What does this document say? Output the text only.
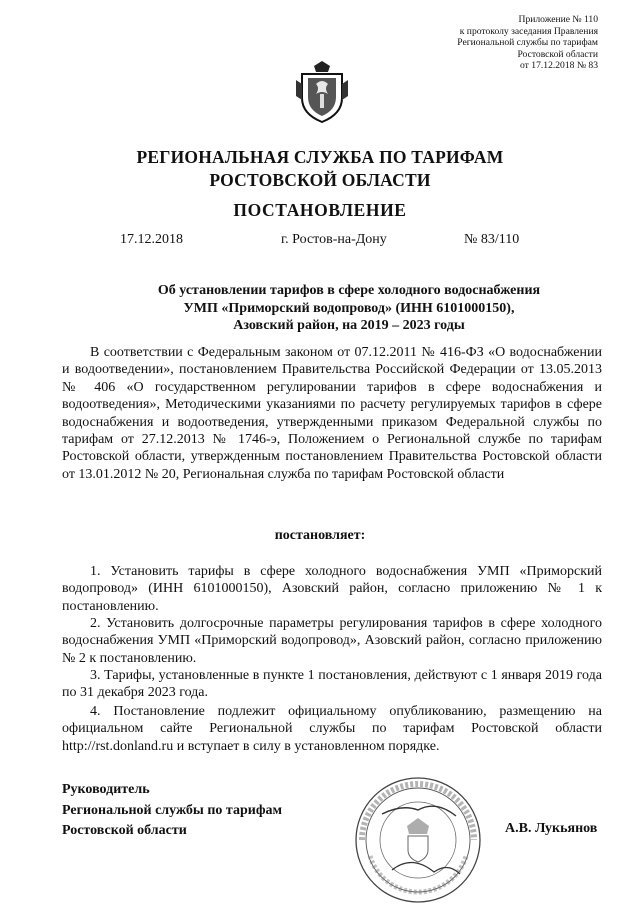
Приложение № 110
к протоколу заседания Правления
Региональной службы по тарифам
Ростовской области
от 17.12.2018 № 83
РЕГИОНАЛЬНАЯ СЛУЖБА ПО ТАРИФАМ
РОСТОВСКОЙ ОБЛАСТИ
ПОСТАНОВЛЕНИЕ
17.12.2018	г. Ростов-на-Дону	№ 83/110
Об установлении тарифов в сфере холодного водоснабжения
УМП «Приморский водопровод» (ИНН 6101000150),
Азовский район, на 2019 – 2023 годы
В соответствии с Федеральным законом от 07.12.2011 № 416-ФЗ «О водоснабжении и водоотведении», постановлением Правительства Российской Федерации от 13.05.2013 № 406 «О государственном регулировании тарифов в сфере водоснабжения и водоотведения», Методическими указаниями по расчету регулируемых тарифов в сфере водоснабжения и водоотведения, утвержденными приказом Федеральной службы по тарифам от 27.12.2013 № 1746-э, Положением о Региональной службе по тарифам Ростовской области, утвержденным постановлением Правительства Ростовской области от 13.01.2012 № 20, Региональная служба по тарифам Ростовской области
постановляет:
1. Установить тарифы в сфере холодного водоснабжения УМП «Приморский водопровод» (ИНН 6101000150), Азовский район, согласно приложению № 1 к постановлению.
2. Установить долгосрочные параметры регулирования тарифов в сфере холодного водоснабжения УМП «Приморский водопровод», Азовский район, согласно приложению № 2 к постановлению.
3. Тарифы, установленные в пункте 1 постановления, действуют с 1 января 2019 года по 31 декабря 2023 года.
4. Постановление подлежит официальному опубликованию, размещению на официальном сайте Региональной службы по тарифам Ростовской области http://rst.donland.ru и вступает в силу в установленном порядке.
Руководитель
Региональной службы по тарифам
Ростовской области	А.В. Лукьянов
